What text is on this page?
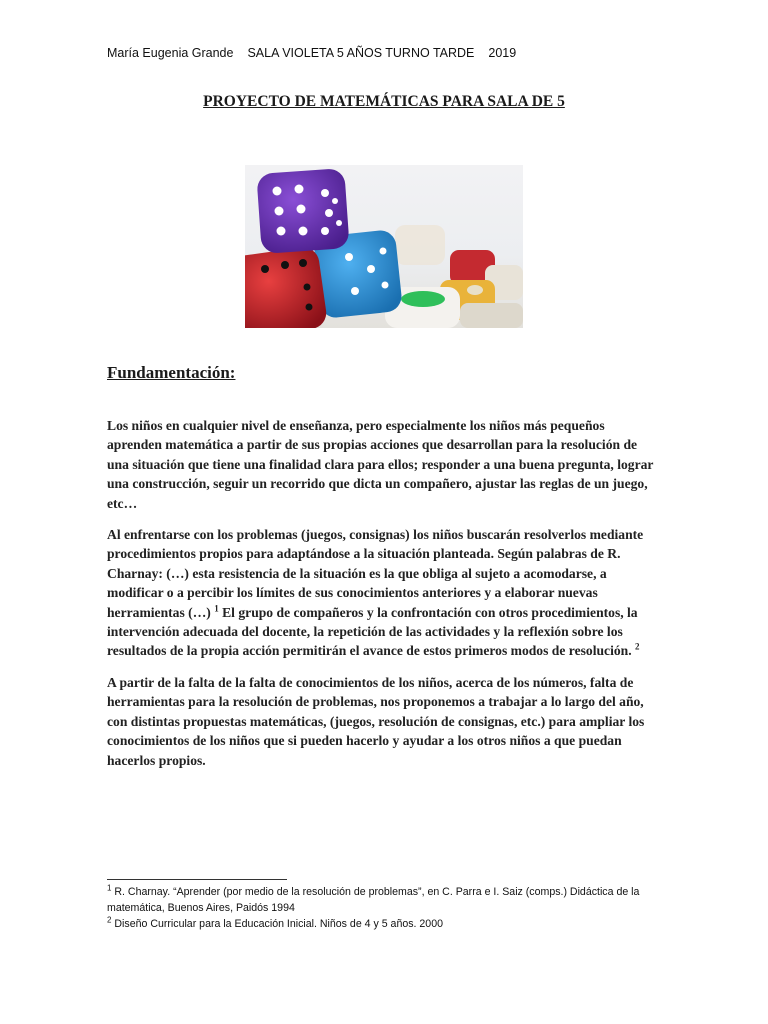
María Eugenia Grande SALA VIOLETA 5 AÑOS TURNO TARDE 2019
PROYECTO DE MATEMÁTICAS PARA SALA DE 5
Fundamentación:

Los niños en cualquier nivel de enseñanza, pero especialmente los niños más pequeños aprenden matemática a partir de sus propias acciones que desarrollan para la resolución de una situación que tiene una finalidad clara para ellos; responder a una buena pregunta, lograr una construcción, seguir un recorrido que dicta un compañero, ajustar las reglas de un juego, etc…

Al enfrentarse con los problemas (juegos, consignas) los niños buscarán resolverlos mediante procedimientos propios para adaptándose a la situación planteada. Según palabras de R. Charnay: (…) esta resistencia de la situación es la que obliga al sujeto a acomodarse, a modificar o a percibir los límites de sus conocimientos anteriores y a elaborar nuevas herramientas (…) $^1$ El grupo de compañeros y la confrontación con otros procedimientos, la intervención adecuada del docente, la repetición de las actividades y la reflexión sobre los resultados de la propia acción permitirán el avance de estos primeros modos de resolución. $^2$

A partir de la falta de la falta de conocimientos de los niños, acerca de los números, falta de herramientas para la resolución de problemas, nos proponemos a trabajar a lo largo del año, con distintas propuestas matemáticas, (juegos, resolución de consignas, etc.) para ampliar los conocimientos de los niños que si pueden hacerlo y ayudar a los otros niños a que puedan hacerlos propios.

$^1$ R. Charnay. “Aprender (por medio de la resolución de problemas”, en C. Parra e I. Saiz (comps.) Didáctica de la matemática, Buenos Aires, Paidós 1994

$^2$ Diseño Curricular para la Educación Inicial. Niños de 4 y 5 años. 2000
